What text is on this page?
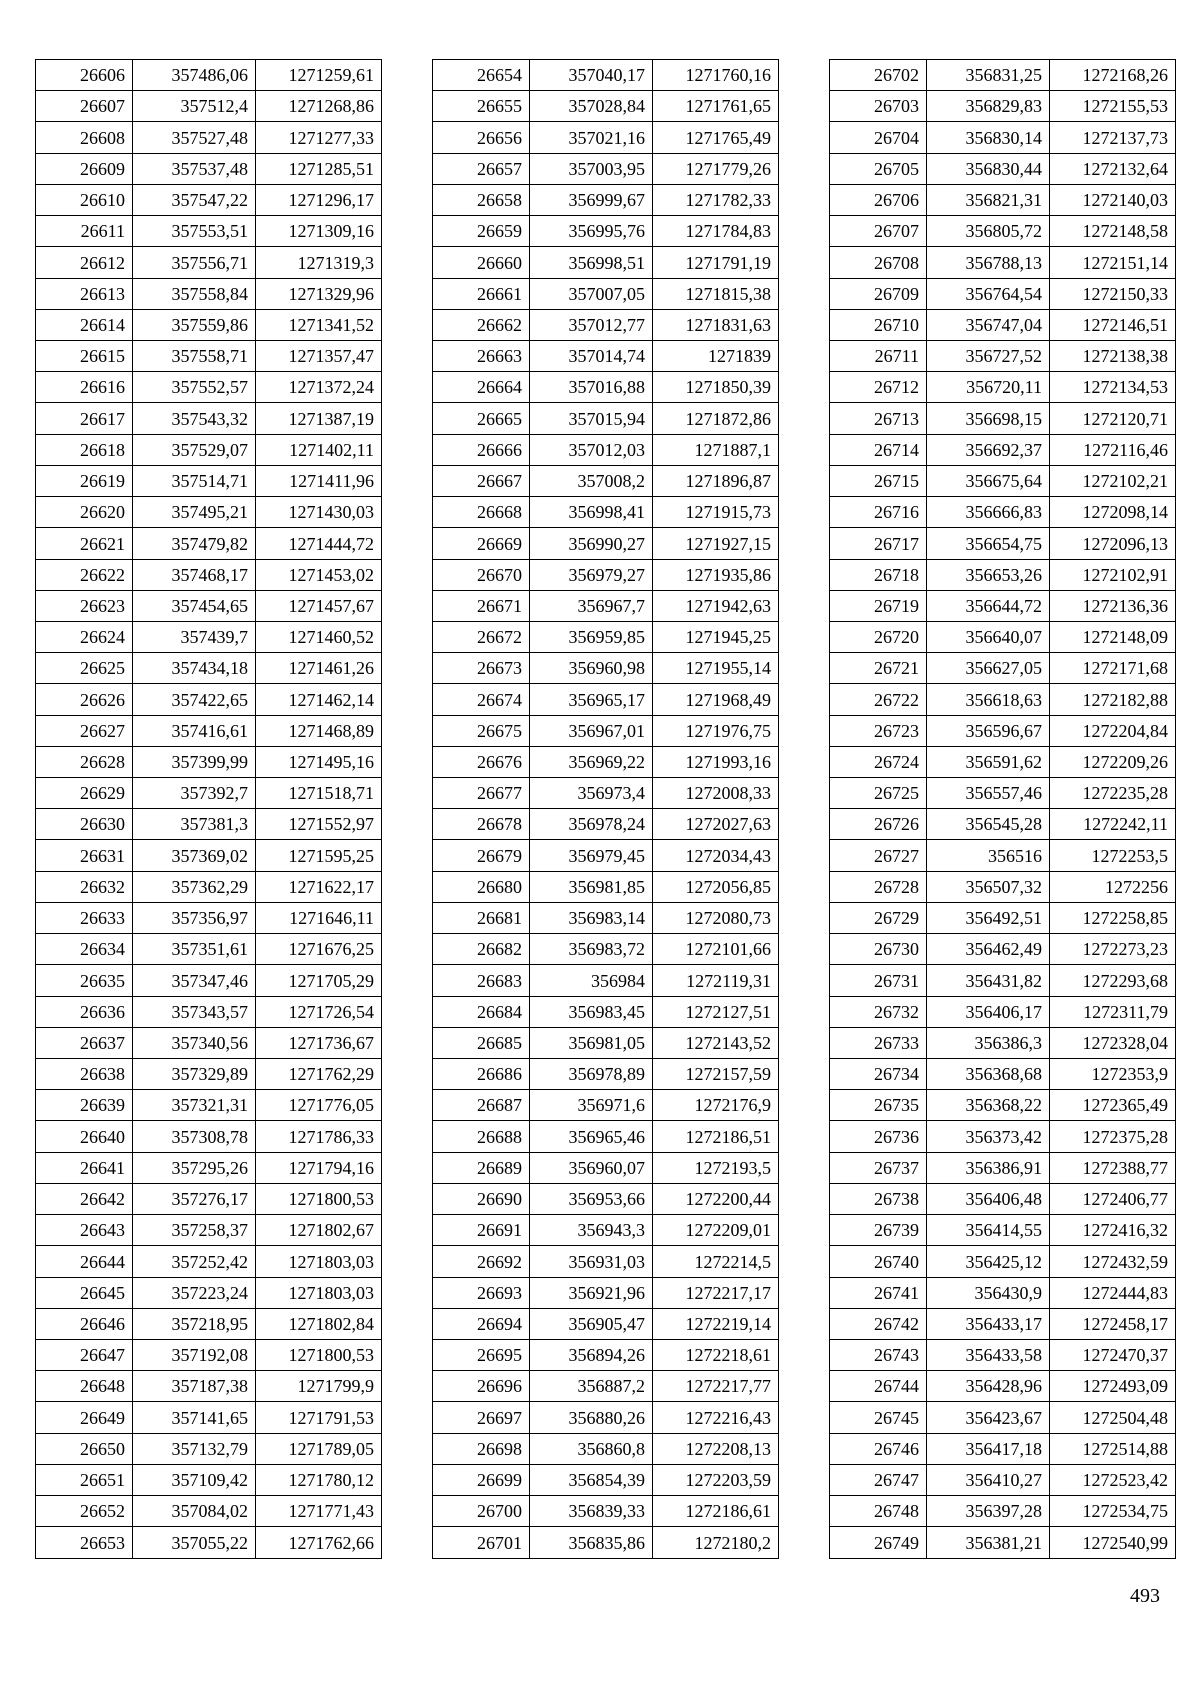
26606	357486,06	1271259,61
26607	357512,4	1271268,86
26608	357527,48	1271277,33
26609	357537,48	1271285,51
26610	357547,22	1271296,17
26611	357553,51	1271309,16
26612	357556,71	1271319,3
26613	357558,84	1271329,96
26614	357559,86	1271341,52
26615	357558,71	1271357,47
26616	357552,57	1271372,24
26617	357543,32	1271387,19
26618	357529,07	1271402,11
26619	357514,71	1271411,96
26620	357495,21	1271430,03
26621	357479,82	1271444,72
26622	357468,17	1271453,02
26623	357454,65	1271457,67
26624	357439,7	1271460,52
26625	357434,18	1271461,26
26626	357422,65	1271462,14
26627	357416,61	1271468,89
26628	357399,99	1271495,16
26629	357392,7	1271518,71
26630	357381,3	1271552,97
26631	357369,02	1271595,25
26632	357362,29	1271622,17
26633	357356,97	1271646,11
26634	357351,61	1271676,25
26635	357347,46	1271705,29
26636	357343,57	1271726,54
26637	357340,56	1271736,67
26638	357329,89	1271762,29
26639	357321,31	1271776,05
26640	357308,78	1271786,33
26641	357295,26	1271794,16
26642	357276,17	1271800,53
26643	357258,37	1271802,67
26644	357252,42	1271803,03
26645	357223,24	1271803,03
26646	357218,95	1271802,84
26647	357192,08	1271800,53
26648	357187,38	1271799,9
26649	357141,65	1271791,53
26650	357132,79	1271789,05
26651	357109,42	1271780,12
26652	357084,02	1271771,43
26653	357055,22	1271762,66
26654	357040,17	1271760,16
26655	357028,84	1271761,65
26656	357021,16	1271765,49
26657	357003,95	1271779,26
26658	356999,67	1271782,33
26659	356995,76	1271784,83
26660	356998,51	1271791,19
26661	357007,05	1271815,38
26662	357012,77	1271831,63
26663	357014,74	1271839
26664	357016,88	1271850,39
26665	357015,94	1271872,86
26666	357012,03	1271887,1
26667	357008,2	1271896,87
26668	356998,41	1271915,73
26669	356990,27	1271927,15
26670	356979,27	1271935,86
26671	356967,7	1271942,63
26672	356959,85	1271945,25
26673	356960,98	1271955,14
26674	356965,17	1271968,49
26675	356967,01	1271976,75
26676	356969,22	1271993,16
26677	356973,4	1272008,33
26678	356978,24	1272027,63
26679	356979,45	1272034,43
26680	356981,85	1272056,85
26681	356983,14	1272080,73
26682	356983,72	1272101,66
26683	356984	1272119,31
26684	356983,45	1272127,51
26685	356981,05	1272143,52
26686	356978,89	1272157,59
26687	356971,6	1272176,9
26688	356965,46	1272186,51
26689	356960,07	1272193,5
26690	356953,66	1272200,44
26691	356943,3	1272209,01
26692	356931,03	1272214,5
26693	356921,96	1272217,17
26694	356905,47	1272219,14
26695	356894,26	1272218,61
26696	356887,2	1272217,77
26697	356880,26	1272216,43
26698	356860,8	1272208,13
26699	356854,39	1272203,59
26700	356839,33	1272186,61
26701	356835,86	1272180,2
26702	356831,25	1272168,26
26703	356829,83	1272155,53
26704	356830,14	1272137,73
26705	356830,44	1272132,64
26706	356821,31	1272140,03
26707	356805,72	1272148,58
26708	356788,13	1272151,14
26709	356764,54	1272150,33
26710	356747,04	1272146,51
26711	356727,52	1272138,38
26712	356720,11	1272134,53
26713	356698,15	1272120,71
26714	356692,37	1272116,46
26715	356675,64	1272102,21
26716	356666,83	1272098,14
26717	356654,75	1272096,13
26718	356653,26	1272102,91
26719	356644,72	1272136,36
26720	356640,07	1272148,09
26721	356627,05	1272171,68
26722	356618,63	1272182,88
26723	356596,67	1272204,84
26724	356591,62	1272209,26
26725	356557,46	1272235,28
26726	356545,28	1272242,11
26727	356516	1272253,5
26728	356507,32	1272256
26729	356492,51	1272258,85
26730	356462,49	1272273,23
26731	356431,82	1272293,68
26732	356406,17	1272311,79
26733	356386,3	1272328,04
26734	356368,68	1272353,9
26735	356368,22	1272365,49
26736	356373,42	1272375,28
26737	356386,91	1272388,77
26738	356406,48	1272406,77
26739	356414,55	1272416,32
26740	356425,12	1272432,59
26741	356430,9	1272444,83
26742	356433,17	1272458,17
26743	356433,58	1272470,37
26744	356428,96	1272493,09
26745	356423,67	1272504,48
26746	356417,18	1272514,88
26747	356410,27	1272523,42
26748	356397,28	1272534,75
26749	356381,21	1272540,99
493
